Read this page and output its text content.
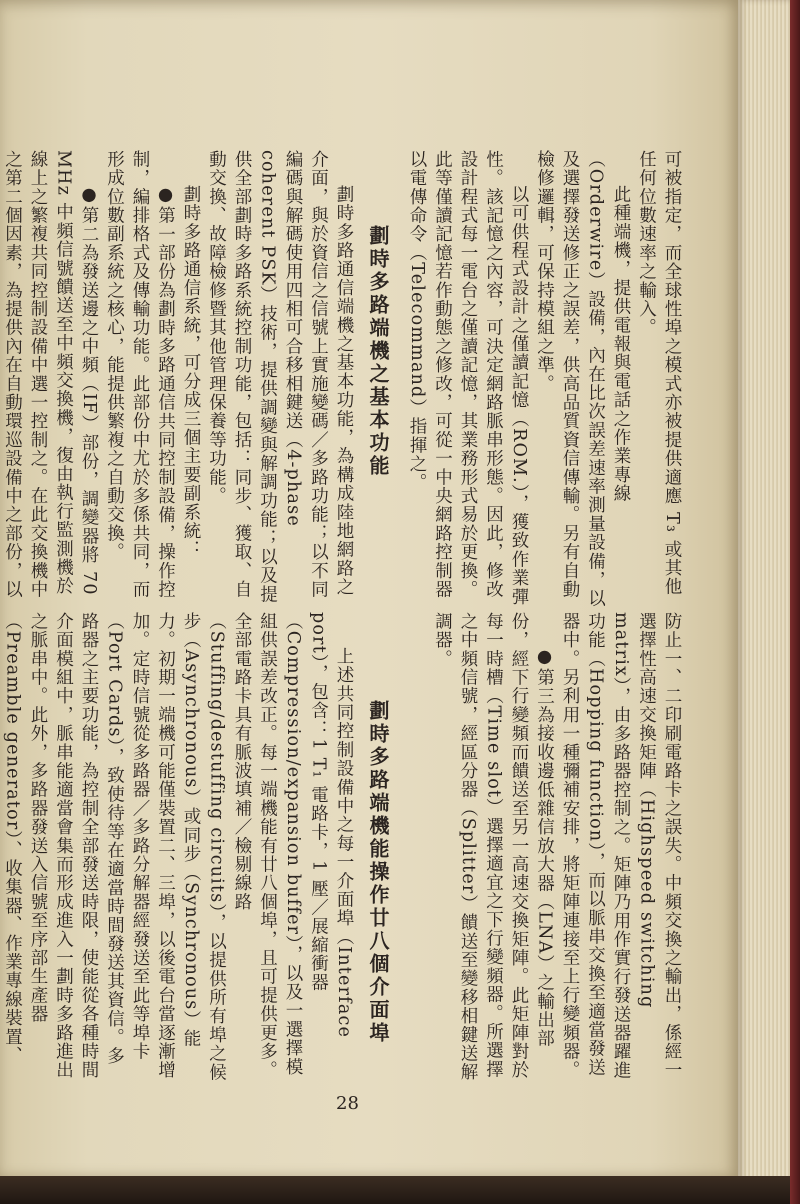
可被指定，而全球性埠之模式亦被提供適應 T₃ 或其他任何位數速率之輸入。

此種端機，提供電報與電話之作業專線（Orderwire）設備，內在比次誤差速率測量設備，以及選擇發送修正之誤差，供高品質資信傳輸。另有自動檢修邏輯，可保持模組之準。

以可供程式設計之僅讀記憶（ROM.），獲致作業彈性。該記憶之內容，可決定網路脈串形態。因此，修改設計程式每一電台之僅讀記憶，其業務形式易於更換。此等僅讀記憶若作動態之修改，可從一中央網路控制器以電傳命令（Telecommand）指揮之。

劃時多路端機之基本功能

劃時多路通信端機之基本功能，為構成陸地網路之介面，與於資信之信號上實施變碼／多路功能；以不同編碼與解碼使用四相可合移相鍵送（4-phase coherent PSK）技術，提供調變與解調功能；以及提供全部劃時多路系統控制功能，包括：同步、獲取、自動交換、故障檢修暨其他管理保養等功能。

劃時多路通信系統，可分成三個主要副系統：

●第一部份為劃時多路通信共同控制設備，操作控制，編排格式及傳輸功能。此部份中尤於多係共同，而形成位數副系統之核心，能提供繁複之自動交換。

●第二為發送邊之中頻（IF）部份，調變器將 70 MHz 中頻信號饋送至中頻交換機，復由執行監測機於線上之繁複共同控制設備中選一控制之。在此交換機中之第二個因素，為提供內在自動環巡設備中之部份，以

防止一、二印刷電路卡之誤失。中頻交換之輸出，係經一選擇性高速交換矩陣（Highspeed switching matrix），由多路器控制之。矩陣乃用作實行發送器躍進功能（Hopping function），而以脈串交換至適當發送器中。另利用一種彌補安排，將矩陣連接至上行變頻器。

●第三為接收邊低雜信放大器（LNA）之輸出部份，經下行變頻而饋送至另一高速交換矩陣。此矩陣對於每一時槽（Time slot）選擇適宜之下行變頻器。所選擇之中頻信號，經區分器（Splitter）饋送至變移相鍵送解調器。

劃時多路端機能操作廿八個介面埠

上述共同控制設備中之每一介面埠（Interface port），包含：1 T₁ 電路卡，1 壓／展縮衝器（Compression/expansion buffer），以及一選擇模組供誤差改正。每一端機能有廿八個埠，且可提供更多。全部電路卡具有脈波填補／檢剔線路（Stuffing/destuffing circuits），以提供所有埠之候步（Asynchronous）或同步（Synchronous）能力。初期一端機可能僅裝置二、三埠，以後電台當逐漸增加。定時信號從多路器／多路分解器經發送至此等埠卡（Port Cards），致使待等在適當時間發送其資信。多路器之主要功能，為控制全部發送時限，使能從各種時間介面模組中，脈串能適當會集而形成進入一劃時多路進出之脈串中。此外，多路器發送入信號至序部生產器（Preamble generator）、收集器、作業專線裝置、

28
